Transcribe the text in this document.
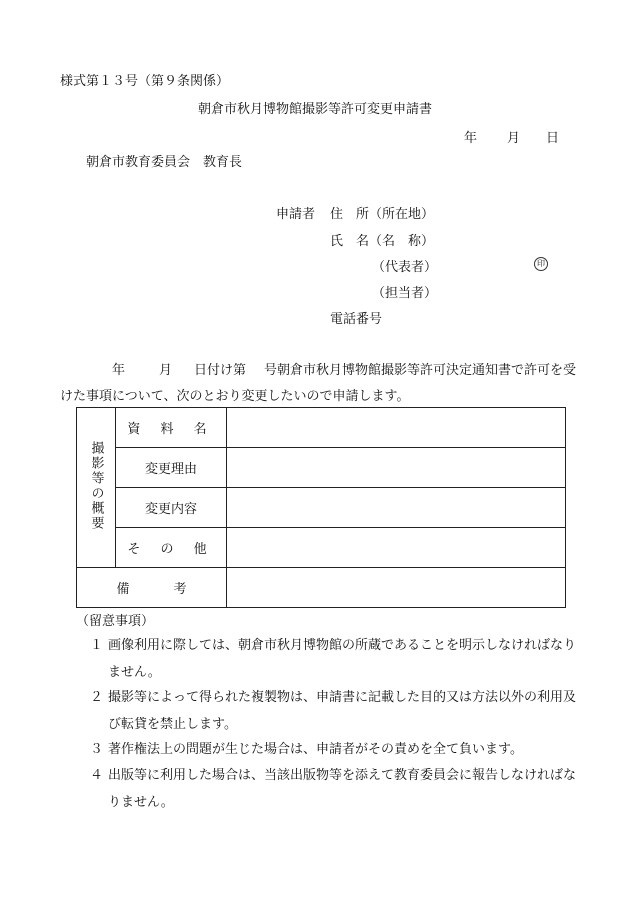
様式第１３号（第９条関係）
朝倉市秋月博物館撮影等許可変更申請書
年 月 日
朝倉市教育委員会　教育長
申請者 住　所（所在地）
氏　名（名　称）
（代表者）	印
（担当者）
電話番号
年	月 日付け第 号朝倉市秋月博物館撮影等許可決定通知書で許可を受けた事項について、次のとおり変更したいので申請します。
撮影等の概要	資 料 名	
	変更理由	
	変更内容	
	そ の 他	
備考		
（留意事項）
１ 画像利用に際しては、朝倉市秋月博物館の所蔵であることを明示しなければなりません。
２ 撮影等によって得られた複製物は、申請書に記載した目的又は方法以外の利用及び転貸を禁止します。
３ 著作権法上の問題が生じた場合は、申請者がその責めを全て負います。
４ 出版等に利用した場合は、当該出版物等を添えて教育委員会に報告しなければなりません。
